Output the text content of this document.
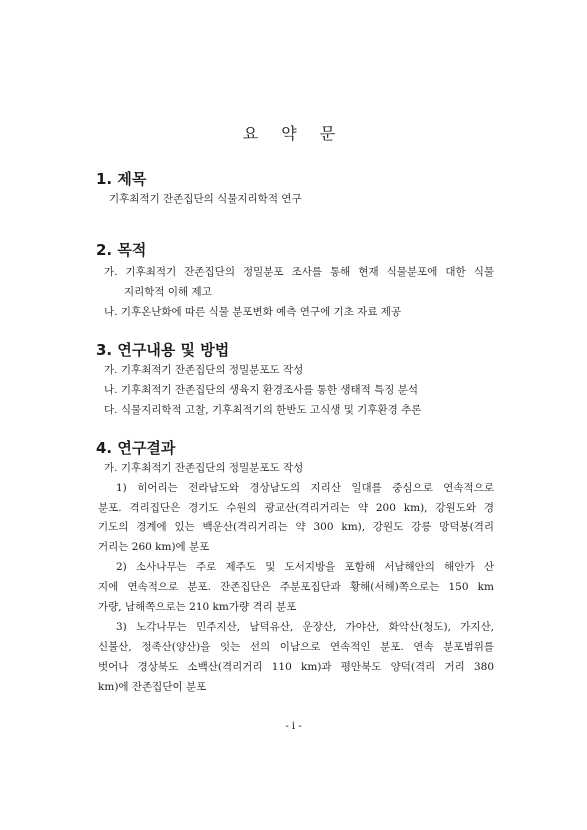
요 약 문
1. 제목
기후최적기 잔존집단의 식물지리학적 연구
2. 목적
가. 기후최적기 잔존집단의 정밀분포 조사를 통해 현재 식물분포에 대한 식물
지리학적 이해 제고
나. 기후온난화에 따른 식물 분포변화 예측 연구에 기초 자료 제공
3. 연구내용 및 방법
가. 기후최적기 잔존집단의 정밀분포도 작성
나. 기후최적기 잔존집단의 생육지 환경조사를 통한 생태적 특징 분석
다. 식물지리학적 고찰, 기후최적기의 한반도 고식생 및 기후환경 추론
4. 연구결과
가. 기후최적기 잔존집단의 정밀분포도 작성
1) 히어리는 전라남도와 경상남도의 지리산 일대를 중심으로 연속적으로
분포. 격리집단은 경기도 수원의 광교산(격리거리는 약 200 km), 강원도와 경
기도의 경계에 있는 백운산(격리거리는 약 300 km), 강원도 강릉 망덕봉(격리
거리는 260 km)에 분포
2) 소사나무는 주로 제주도 및 도서지방을 포함해 서남해안의 해안가 산
지에 연속적으로 분포. 잔존집단은 주분포집단과 황해(서해)쪽으로는 150 km
가량, 남해쪽으로는 210 km가량 격리 분포
3) 노각나무는 민주지산, 남덕유산, 운장산, 가야산, 화악산(청도), 가지산,
신불산, 정족산(양산)을 잇는 선의 이남으로 연속적인 분포. 연속 분포범위를
벗어나 경상북도 소백산(격리거리 110 km)과 평안북도 양덕(격리 거리 380
km)에 잔존집단이 분포
- i -
